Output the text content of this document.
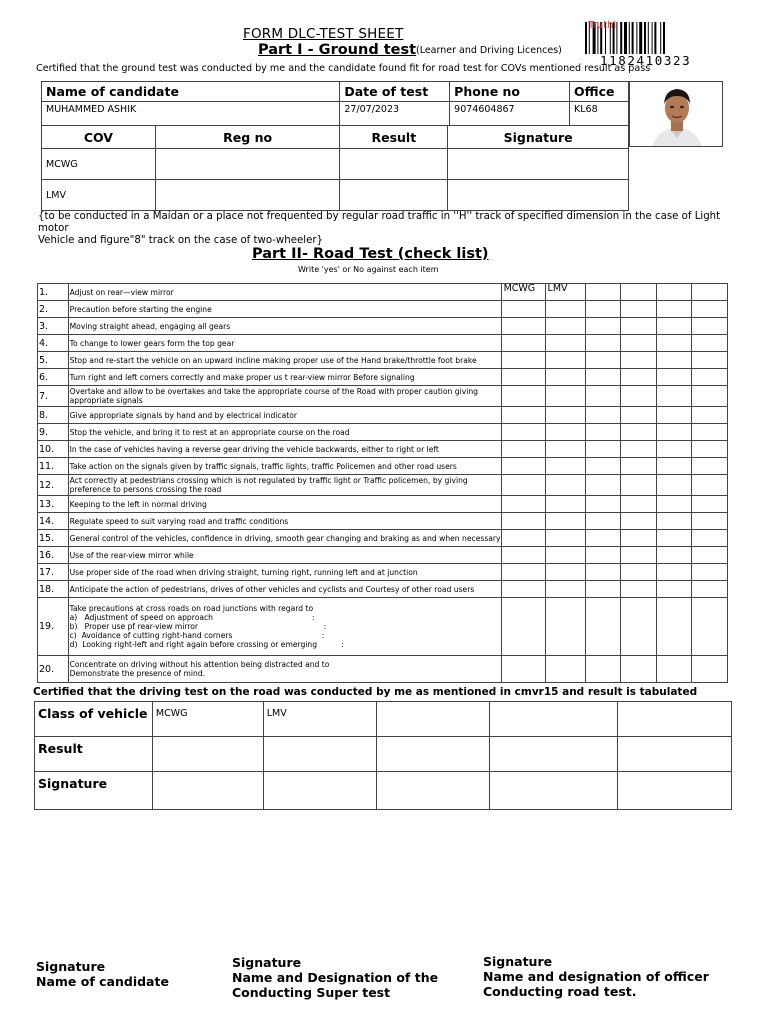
FORM DLC-TEST SHEET
Part I - Ground test (Learner and Driving Licences)
Certified that the ground test was conducted by me and the candidate found fit for road test for COVs mentioned result as pass
Truthi
1182410323
Name of candidate	Date of test	Phone no	Office
MUHAMMED ASHIK	27/07/2023	9074604867	KL68
COV	Reg no	Result	Signature
MCWG			
LMV			
{to be conducted in a Maidan or a place not frequented by regular road traffic in ''H'' track of specified dimension in the case of Light motor
Vehicle and figure"8" track on the case of two-wheeler}
Part II- Road Test (check list)
Write 'yes' or No against each item
1.	Adjust on rear—view mirror	MCWG	LMV				
2.	Precaution before starting the engine						
3.	Moving straight ahead, engaging all gears						
4.	To change to lower gears form the top gear						
5.	Stop and re-start the vehicle on an upward incline making proper use of the Hand brake/throttle foot brake						
6.	Turn right and left corners correctly and make proper us t rear-view mirror Before signaling						
7.	Overtake and allow to be overtakes and take the appropriate course of the Road with proper caution giving appropriate signals						
8.	Give appropriate signals by hand and by electrical indicator						
9.	Stop the vehicle, and bring it to rest at an appropriate course on the road						
10.	In the case of vehicles having a reverse gear driving the vehicle backwards, either to right or left						
11.	Take action on the signals given by traffic signals, traffic lights, traffic Policemen and other road users						
12.	Act correctly at pedestrians crossing which is not regulated by traffic light or Traffic policemen, by giving preference to persons crossing the road						
13.	Keeping to the left in normal driving						
14.	Regulate speed to suit varying road and traffic conditions						
15.	General control of the vehicles, confidence in driving, smooth gear changing and braking as and when necessary						
16.	Use of the rear-view mirror while						
17.	Use proper side of the road when driving straight, turning right, running left and at junction						
18.	Anticipate the action of pedestrians, drives of other vehicles and cyclists and Courtesy of other road users						
19.	Take precautions at cross roads on road junctions with regard to
a)   Adjustment of speed on approach                                         :
b)   Proper use pf rear-view mirror                                                    :
c)  Avoidance of cutting right-hand corners                                     :
d)  Looking right-left and right again before crossing or emerging          :						
20.	Concentrate on driving without his attention being distracted and to
Demonstrate the presence of mind.						
Certified that the driving test on the road was conducted by me as mentioned in cmvr15 and result is tabulated
Class of vehicle	MCWG	LMV			
Result					
Signature					
Signature
Name of candidate
Signature
Name and Designation of the
Conducting Super test
Signature
Name and designation of officer
Conducting road test.
